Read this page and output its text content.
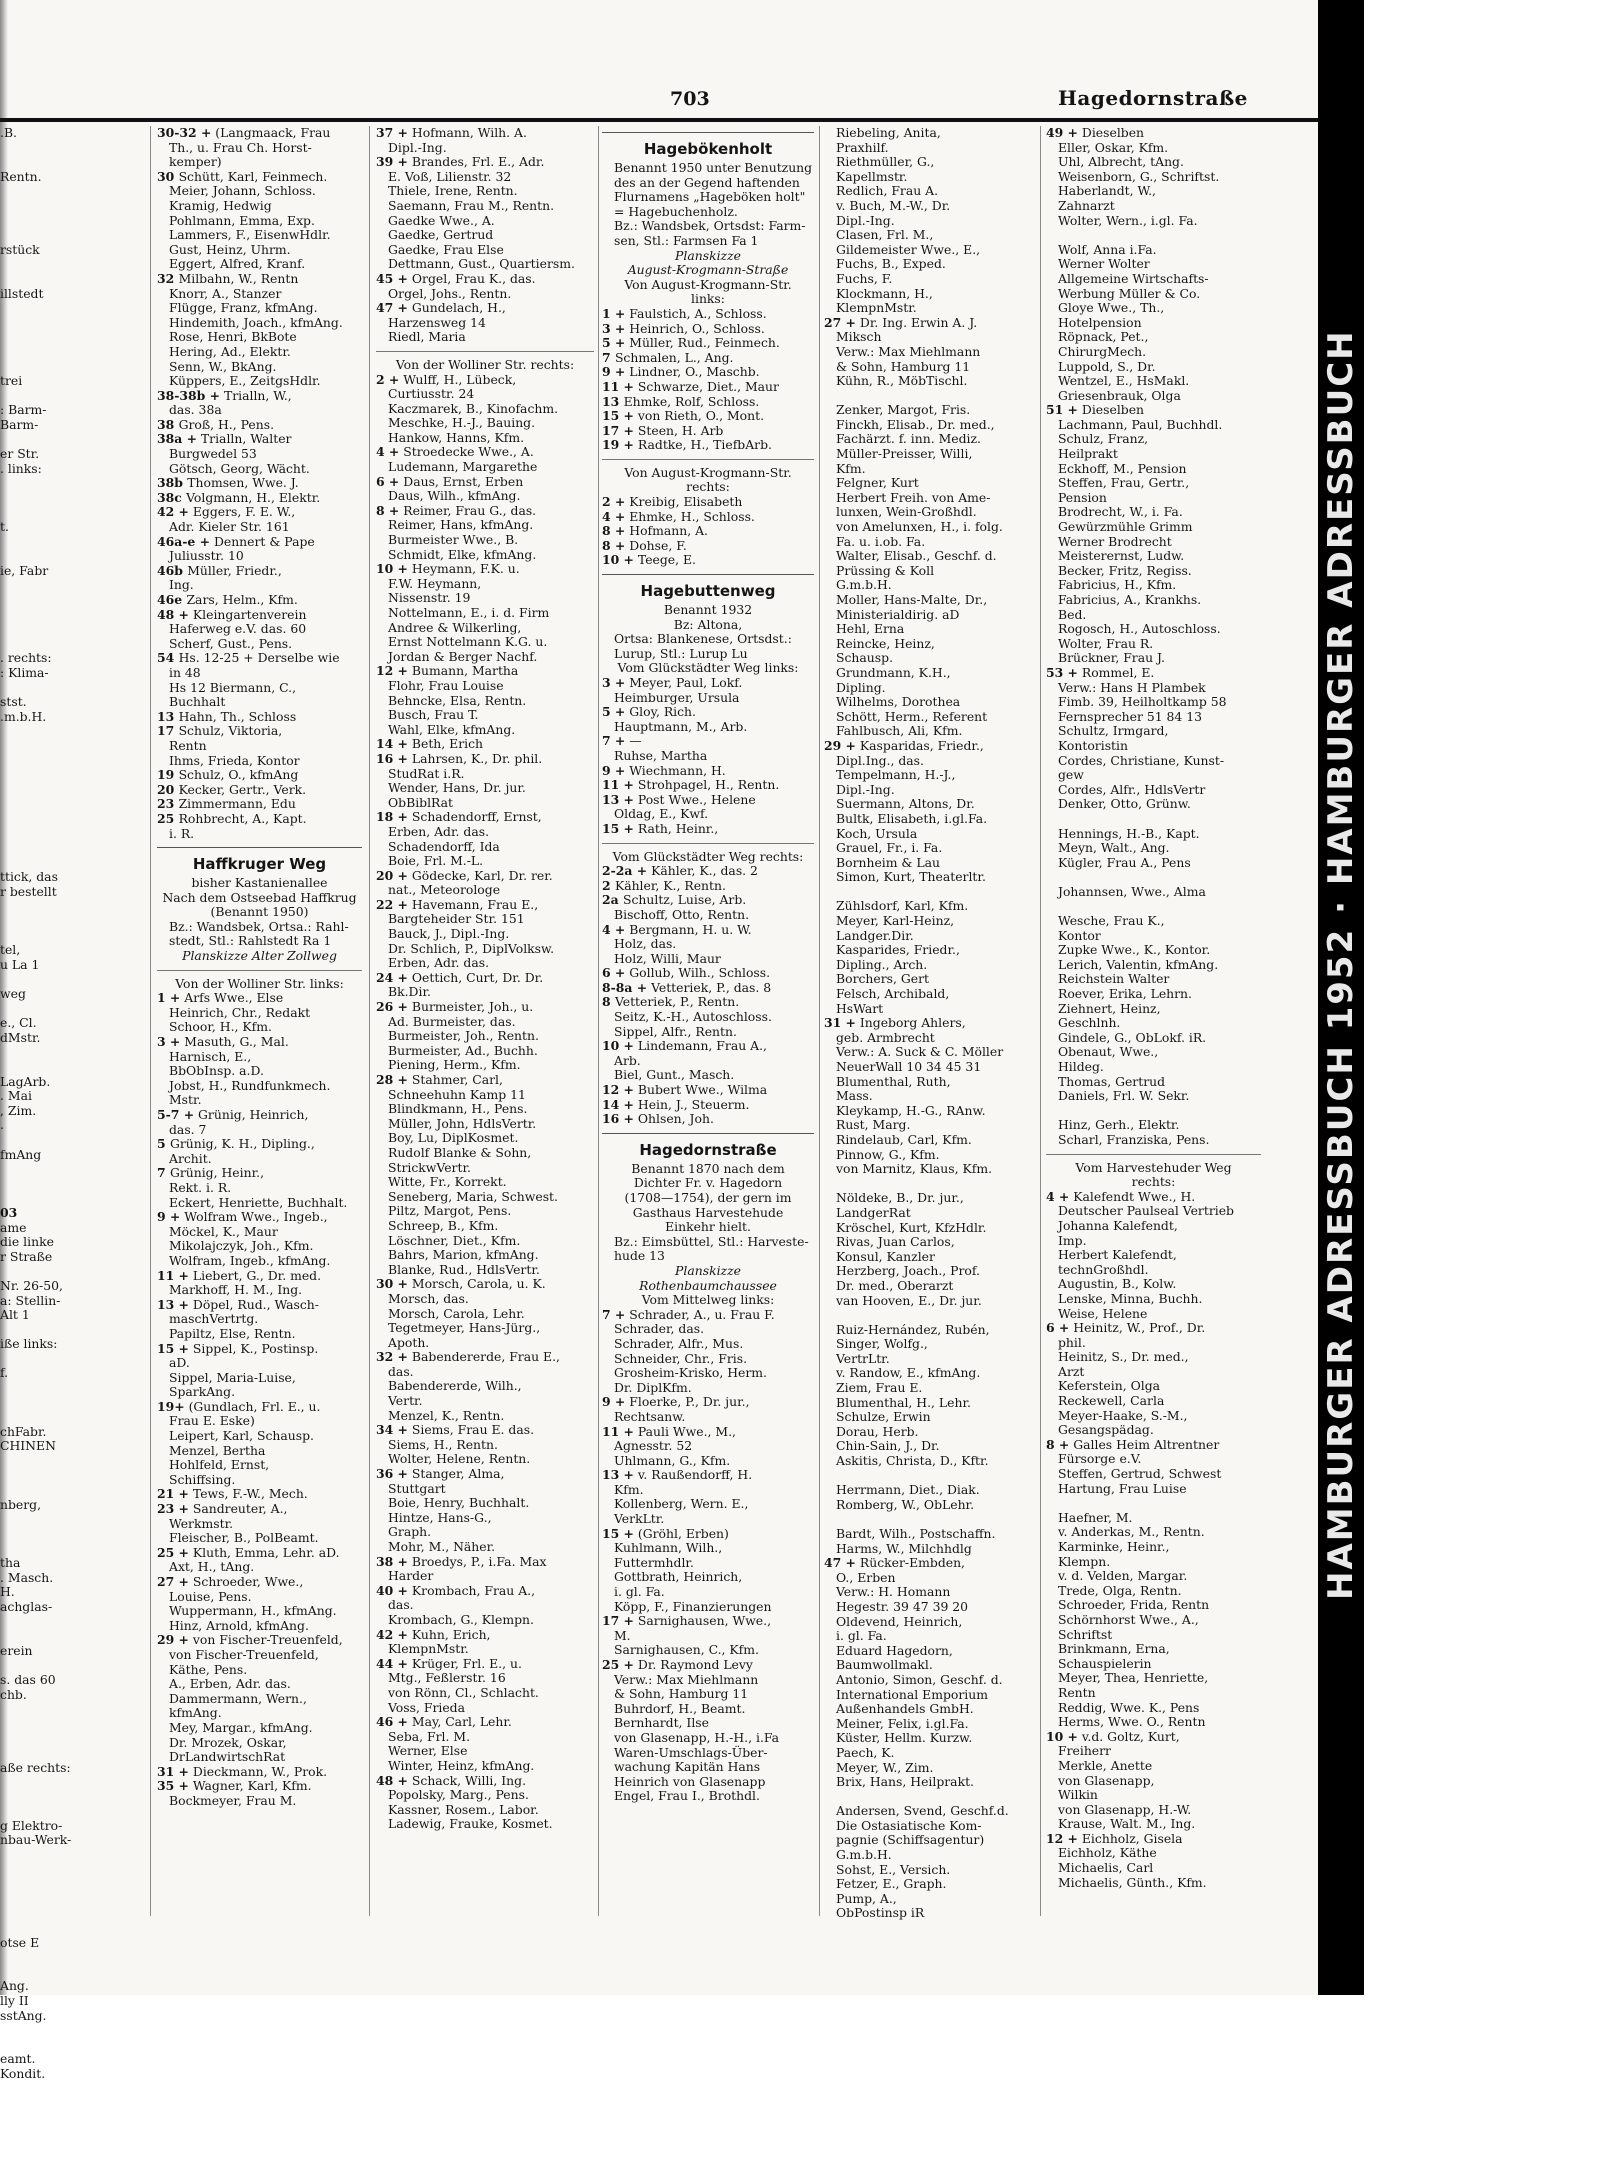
703	Hagedornstraße

.B.

Rentn.

rstück

illstedt

trei

: Barm-

Barm-

er Str.

. links:

t.

ie, Fabr

. rechts:

: Klima-

stst.

.m.b.H.

ttick, das

r bestellt

tel,

u La 1

weg

e., Cl.

dMstr.

LagArb.

. Mai

, Zim.

.

fmAng

03

ame

die linke

r Straße

Nr. 26-50,

a: Stellin-

Alt 1

iße links:

f.

chFabr.

CHINEN

nberg,

tha

. Masch.

H.

achglas-

erein

s. das 60

chb.

aße rechts:

g Elektro-

nbau-Werk-

otse E

Ang.

lly II

sstAng.

eamt.

Kondit.

30-32 + (Langmaack, Frau

Th., u. Frau Ch. Horst-

kemper)

30 Schütt, Karl, Feinmech.

Meier, Johann, Schloss.

Kramig, Hedwig

Pohlmann, Emma, Exp.

Lammers, F., EisenwHdlr.

Gust, Heinz, Uhrm.

Eggert, Alfred, Kranf.

32 Milbahn, W., Rentn

Knorr, A., Stanzer

Flügge, Franz, kfmAng.

Hindemith, Joach., kfmAng.

Rose, Henri, BkBote

Hering, Ad., Elektr.

Senn, W., BkAng.

Küppers, E., ZeitgsHdlr.

38-38b + Trialln, W.,

das. 38a

38 Groß, H., Pens.

38a + Trialln, Walter

Burgwedel 53

Götsch, Georg, Wächt.

38b Thomsen, Wwe. J.

38c Volgmann, H., Elektr.

42 + Eggers, F. E. W.,

Adr. Kieler Str. 161

46a-e + Dennert & Pape

Juliusstr. 10

46b Müller, Friedr.,

Ing.

46e Zars, Helm., Kfm.

48 + Kleingartenverein

Haferweg e.V. das. 60

Scherf, Gust., Pens.

54 Hs. 12-25 + Derselbe wie

in 48

Hs 12 Biermann, C.,

Buchhalt

13 Hahn, Th., Schloss

17 Schulz, Viktoria,

Rentn

Ihms, Frieda, Kontor

19 Schulz, O., kfmAng

20 Kecker, Gertr., Verk.

23 Zimmermann, Edu

25 Rohbrecht, A., Kapt.

i. R.

Haffkruger Weg

bisher Kastanienallee

Nach dem Ostseebad Haffkrug

(Benannt 1950)

Bz.: Wandsbek, Ortsa.: Rahl-

stedt, Stl.: Rahlstedt Ra 1

Planskizze Alter Zollweg

Von der Wolliner Str. links:

1 + Arfs Wwe., Else

Heinrich, Chr., Redakt

Schoor, H., Kfm.

3 + Masuth, G., Mal.

Harnisch, E.,

BbObInsp. a.D.

Jobst, H., Rundfunkmech.

Mstr.

5-7 + Grünig, Heinrich,

das. 7

5 Grünig, K. H., Dipling.,

Archit.

7 Grünig, Heinr.,

Rekt. i. R.

Eckert, Henriette, Buchhalt.

9 + Wolfram Wwe., Ingeb.,

Möckel, K., Maur

Mikolajczyk, Joh., Kfm.

Wolfram, Ingeb., kfmAng.

11 + Liebert, G., Dr. med.

Markhoff, H. M., Ing.

13 + Döpel, Rud., Wasch-

maschVertrtg.

Papiltz, Else, Rentn.

15 + Sippel, K., Postinsp.

aD.

Sippel, Maria-Luise,

SparkAng.

19+ (Gundlach, Frl. E., u.

Frau E. Eske)

Leipert, Karl, Schausp.

Menzel, Bertha

Hohlfeld, Ernst,

Schiffsing.

21 + Tews, F.-W., Mech.

23 + Sandreuter, A.,

Werkmstr.

Fleischer, B., PolBeamt.

25 + Kluth, Emma, Lehr. aD.

Axt, H., tAng.

27 + Schroeder, Wwe.,

Louise, Pens.

Wuppermann, H., kfmAng.

Hinz, Arnold, kfmAng.

29 + von Fischer-Treuenfeld,

von Fischer-Treuenfeld,

Käthe, Pens.

A., Erben, Adr. das.

Dammermann, Wern.,

kfmAng.

Mey, Margar., kfmAng.

Dr. Mrozek, Oskar,

DrLandwirtschRat

31 + Dieckmann, W., Prok.

35 + Wagner, Karl, Kfm.

Bockmeyer, Frau M.

37 + Hofmann, Wilh. A.

Dipl.-Ing.

39 + Brandes, Frl. E., Adr.

E. Voß, Lilienstr. 32

Thiele, Irene, Rentn.

Saemann, Frau M., Rentn.

Gaedke Wwe., A.

Gaedke, Gertrud

Gaedke, Frau Else

Dettmann, Gust., Quartiersm.

45 + Orgel, Frau K., das.

Orgel, Johs., Rentn.

47 + Gundelach, H.,

Harzensweg 14

Riedl, Maria

Von der Wolliner Str. rechts:

2 + Wulff, H., Lübeck,

Curtiusstr. 24

Kaczmarek, B., Kinofachm.

Meschke, H.-J., Bauing.

Hankow, Hanns, Kfm.

4 + Stroedecke Wwe., A.

Ludemann, Margarethe

6 + Daus, Ernst, Erben

Daus, Wilh., kfmAng.

8 + Reimer, Frau G., das.

Reimer, Hans, kfmAng.

Burmeister Wwe., B.

Schmidt, Elke, kfmAng.

10 + Heymann, F.K. u.

F.W. Heymann,

Nissenstr. 19

Nottelmann, E., i. d. Firm

Andree & Wilkerling,

Ernst Nottelmann K.G. u.

Jordan & Berger Nachf.

12 + Bumann, Martha

Flohr, Frau Louise

Behncke, Elsa, Rentn.

Busch, Frau T.

Wahl, Elke, kfmAng.

14 + Beth, Erich

16 + Lahrsen, K., Dr. phil.

StudRat i.R.

Wender, Hans, Dr. jur.

ObBiblRat

18 + Schadendorff, Ernst,

Erben, Adr. das.

Schadendorff, Ida

Boie, Frl. M.-L.

20 + Gödecke, Karl, Dr. rer.

nat., Meteorologe

22 + Havemann, Frau E.,

Bargteheider Str. 151

Bauck, J., Dipl.-Ing.

Dr. Schlich, P., DiplVolksw.

Erben, Adr. das.

24 + Oettich, Curt, Dr. Dr.

Bk.Dir.

26 + Burmeister, Joh., u.

Ad. Burmeister, das.

Burmeister, Joh., Rentn.

Burmeister, Ad., Buchh.

Piening, Herm., Kfm.

28 + Stahmer, Carl,

Schneehuhn Kamp 11

Blindkmann, H., Pens.

Müller, John, HdlsVertr.

Boy, Lu, DiplKosmet.

Rudolf Blanke & Sohn,

StrickwVertr.

Witte, Fr., Korrekt.

Seneberg, Maria, Schwest.

Piltz, Margot, Pens.

Schreep, B., Kfm.

Löschner, Diet., Kfm.

Bahrs, Marion, kfmAng.

Blanke, Rud., HdlsVertr.

30 + Morsch, Carola, u. K.

Morsch, das.

Morsch, Carola, Lehr.

Tegetmeyer, Hans-Jürg.,

Apoth.

32 + Babendererde, Frau E.,

das.

Babendererde, Wilh.,

Vertr.

Menzel, K., Rentn.

34 + Siems, Frau E. das.

Siems, H., Rentn.

Wolter, Helene, Rentn.

36 + Stanger, Alma,

Stuttgart

Boie, Henry, Buchhalt.

Hintze, Hans-G.,

Graph.

Mohr, M., Näher.

38 + Broedys, P., i.Fa. Max

Harder

40 + Krombach, Frau A.,

das.

Krombach, G., Klempn.

42 + Kuhn, Erich,

KlempnMstr.

44 + Krüger, Frl. E., u.

Mtg., Feßlerstr. 16

von Rönn, Cl., Schlacht.

Voss, Frieda

46 + May, Carl, Lehr.

Seba, Frl. M.

Werner, Else

Winter, Heinz, kfmAng.

48 + Schack, Willi, Ing.

Popolsky, Marg., Pens.

Kassner, Rosem., Labor.

Ladewig, Frauke, Kosmet.

Hagebökenholt

Benannt 1950 unter Benutzung

des an der Gegend haftenden

Flurnamens „Hageböken holt"

= Hagebuchenholz.

Bz.: Wandsbek, Ortsdst: Farm-

sen, Stl.: Farmsen Fa 1

Planskizze

August-Krogmann-Straße

Von August-Krogmann-Str.

links:

1 + Faulstich, A., Schloss.

3 + Heinrich, O., Schloss.

5 + Müller, Rud., Feinmech.

7 Schmalen, L., Ang.

9 + Lindner, O., Maschb.

11 + Schwarze, Diet., Maur

13 Ehmke, Rolf, Schloss.

15 + von Rieth, O., Mont.

17 + Steen, H. Arb

19 + Radtke, H., TiefbArb.

Von August-Krogmann-Str.

rechts:

2 + Kreibig, Elisabeth

4 + Ehmke, H., Schloss.

8 + Hofmann, A.

8 + Dohse, F.

10 + Teege, E.

Hagebuttenweg

Benannt 1932

Bz: Altona,

Ortsa: Blankenese, Ortsdst.:

Lurup, Stl.: Lurup Lu

Vom Glückstädter Weg links:

3 + Meyer, Paul, Lokf.

Heimburger, Ursula

5 + Gloy, Rich.

Hauptmann, M., Arb.

7 + —

Ruhse, Martha

9 + Wiechmann, H.

11 + Strohpagel, H., Rentn.

13 + Post Wwe., Helene

Oldag, E., Kwf.

15 + Rath, Heinr.,

Vom Glückstädter Weg rechts:

2-2a + Kähler, K., das. 2

2 Kähler, K., Rentn.

2a Schultz, Luise, Arb.

Bischoff, Otto, Rentn.

4 + Bergmann, H. u. W.

Holz, das.

Holz, Willi, Maur

6 + Gollub, Wilh., Schloss.

8-8a + Vetteriek, P., das. 8

8 Vetteriek, P., Rentn.

Seitz, K.-H., Autoschloss.

Sippel, Alfr., Rentn.

10 + Lindemann, Frau A.,

Arb.

Biel, Gunt., Masch.

12 + Bubert Wwe., Wilma

14 + Hein, J., Steuerm.

16 + Ohlsen, Joh.

Hagedornstraße

Benannt 1870 nach dem

Dichter Fr. v. Hagedorn

(1708—1754), der gern im

Gasthaus Harvestehude

Einkehr hielt.

Bz.: Eimsbüttel, Stl.: Harveste-

hude 13

Planskizze

Rothenbaumchaussee

Vom Mittelweg links:

7 + Schrader, A., u. Frau F.

Schrader, das.

Schrader, Alfr., Mus.

Schneider, Chr., Fris.

Grosheim-Krisko, Herm.

Dr. DiplKfm.

9 + Floerke, P., Dr. jur.,

Rechtsanw.

11 + Pauli Wwe., M.,

Agnesstr. 52

Uhlmann, G., Kfm.

13 + v. Raußendorff, H.

Kfm.

Kollenberg, Wern. E.,

VerkLtr.

15 + (Gröhl, Erben)

Kuhlmann, Wilh.,

Futtermhdlr.

Gottbrath, Heinrich,

i. gl. Fa.

Köpp, F., Finanzierungen

17 + Sarnighausen, Wwe.,

M.

Sarnighausen, C., Kfm.

25 + Dr. Raymond Levy

Verw.: Max Miehlmann

& Sohn, Hamburg 11

Buhrdorf, H., Beamt.

Bernhardt, Ilse

von Glasenapp, H.-H., i.Fa

Waren-Umschlags-Über-

wachung Kapitän Hans

Heinrich von Glasenapp

Engel, Frau I., Brothdl.

Riebeling, Anita,

Praxhilf.

Riethmüller, G.,

Kapellmstr.

Redlich, Frau A.

v. Buch, M.-W., Dr.

Dipl.-Ing.

Clasen, Frl. M.,

Gildemeister Wwe., E.,

Fuchs, B., Exped.

Fuchs, F.

Klockmann, H.,

KlempnMstr.

27 + Dr. Ing. Erwin A. J.

Miksch

Verw.: Max Miehlmann

& Sohn, Hamburg 11

Kühn, R., MöbTischl.

Zenker, Margot, Fris.

Finckh, Elisab., Dr. med.,

Fachärzt. f. inn. Mediz.

Müller-Preisser, Willi,

Kfm.

Felgner, Kurt

Herbert Freih. von Ame-

lunxen, Wein-Großhdl.

von Amelunxen, H., i. folg.

Fa. u. i.ob. Fa.

Walter, Elisab., Geschf. d.

Prüssing & Koll

G.m.b.H.

Moller, Hans-Malte, Dr.,

Ministerialdirig. aD

Hehl, Erna

Reincke, Heinz,

Schausp.

Grundmann, K.H.,

Dipling.

Wilhelms, Dorothea

Schött, Herm., Referent

Fahlbusch, Ali, Kfm.

29 + Kasparidas, Friedr.,

Dipl.Ing., das.

Tempelmann, H.-J.,

Dipl.-Ing.

Suermann, Altons, Dr.

Bultk, Elisabeth, i.gl.Fa.

Koch, Ursula

Grauel, Fr., i. Fa.

Bornheim & Lau

Simon, Kurt, Theaterltr.

Zühlsdorf, Karl, Kfm.

Meyer, Karl-Heinz,

Landger.Dir.

Kasparides, Friedr.,

Dipling., Arch.

Borchers, Gert

Felsch, Archibald,

HsWart

31 + Ingeborg Ahlers,

geb. Armbrecht

Verw.: A. Suck & C. Möller

NeuerWall 10 34 45 31

Blumenthal, Ruth,

Mass.

Kleykamp, H.-G., RAnw.

Rust, Marg.

Rindelaub, Carl, Kfm.

Pinnow, G., Kfm.

von Marnitz, Klaus, Kfm.

Nöldeke, B., Dr. jur.,

LandgerRat

Kröschel, Kurt, KfzHdlr.

Rivas, Juan Carlos,

Konsul, Kanzler

Herzberg, Joach., Prof.

Dr. med., Oberarzt

van Hooven, E., Dr. jur.

Ruiz-Hernández, Rubén,

Singer, Wolfg.,

VertrLtr.

v. Randow, E., kfmAng.

Ziem, Frau E.

Blumenthal, H., Lehr.

Schulze, Erwin

Dorau, Herb.

Chin-Sain, J., Dr.

Askitis, Christa, D., Kftr.

Herrmann, Diet., Diak.

Romberg, W., ObLehr.

Bardt, Wilh., Postschaffn.

Harms, W., Milchhdlg

47 + Rücker-Embden,

O., Erben

Verw.: H. Homann

Hegestr. 39 47 39 20

Oldevend, Heinrich,

i. gl. Fa.

Eduard Hagedorn,

Baumwollmakl.

Antonio, Simon, Geschf. d.

International Emporium

Außenhandels GmbH.

Meiner, Felix, i.gl.Fa.

Küster, Hellm. Kurzw.

Paech, K.

Meyer, W., Zim.

Brix, Hans, Heilprakt.

Andersen, Svend, Geschf.d.

Die Ostasiatische Kom-

pagnie (Schiffsagentur)

G.m.b.H.

Sohst, E., Versich.

Fetzer, E., Graph.

Pump, A.,

ObPostinsp iR

49 + Dieselben

Eller, Oskar, Kfm.

Uhl, Albrecht, tAng.

Weisenborn, G., Schriftst.

Haberlandt, W.,

Zahnarzt

Wolter, Wern., i.gl. Fa.

Wolf, Anna i.Fa.

Werner Wolter

Allgemeine Wirtschafts-

Werbung Müller & Co.

Gloye Wwe., Th.,

Hotelpension

Röpnack, Pet.,

ChirurgMech.

Luppold, S., Dr.

Wentzel, E., HsMakl.

Griesenbrauk, Olga

51 + Dieselben

Lachmann, Paul, Buchhdl.

Schulz, Franz,

Heilprakt

Eckhoff, M., Pension

Steffen, Frau, Gertr.,

Pension

Brodrecht, W., i. Fa.

Gewürzmühle Grimm

Werner Brodrecht

Meisterernst, Ludw.

Becker, Fritz, Regiss.

Fabricius, H., Kfm.

Fabricius, A., Krankhs.

Bed.

Rogosch, H., Autoschloss.

Wolter, Frau R.

Brückner, Frau J.

53 + Rommel, E.

Verw.: Hans H Plambek

Fimb. 39, Heilholtkamp 58

Fernsprecher 51 84 13

Schultz, Irmgard,

Kontoristin

Cordes, Christiane, Kunst-

gew

Cordes, Alfr., HdlsVertr

Denker, Otto, Grünw.

Hennings, H.-B., Kapt.

Meyn, Walt., Ang.

Kügler, Frau A., Pens

Johannsen, Wwe., Alma

Wesche, Frau K.,

Kontor

Zupke Wwe., K., Kontor.

Lerich, Valentin, kfmAng.

Reichstein Walter

Roever, Erika, Lehrn.

Ziehnert, Heinz,

Geschlnh.

Gindele, G., ObLokf. iR.

Obenaut, Wwe.,

Hildeg.

Thomas, Gertrud

Daniels, Frl. W. Sekr.

Hinz, Gerh., Elektr.

Scharl, Franziska, Pens.

Vom Harvestehuder Weg

rechts:

4 + Kalefendt Wwe., H.

Deutscher Paulseal Vertrieb

Johanna Kalefendt,

Imp.

Herbert Kalefendt,

technGroßhdl.

Augustin, B., Kolw.

Lenske, Minna, Buchh.

Weise, Helene

6 + Heinitz, W., Prof., Dr.

phil.

Heinitz, S., Dr. med.,

Arzt

Keferstein, Olga

Reckewell, Carla

Meyer-Haake, S.-M.,

Gesangspädag.

8 + Galles Heim Altrentner

Fürsorge e.V.

Steffen, Gertrud, Schwest

Hartung, Frau Luise

Haefner, M.

v. Anderkas, M., Rentn.

Karminke, Heinr.,

Klempn.

v. d. Velden, Margar.

Trede, Olga, Rentn.

Schroeder, Frida, Rentn

Schörnhorst Wwe., A.,

Schriftst

Brinkmann, Erna,

Schauspielerin

Meyer, Thea, Henriette,

Rentn

Reddig, Wwe. K., Pens

Herms, Wwe. O., Rentn

10 + v.d. Goltz, Kurt,

Freiherr

Merkle, Anette

von Glasenapp,

Wilkin

von Glasenapp, H.-W.

Krause, Walt. M., Ing.

12 + Eichholz, Gisela

Eichholz, Käthe

Michaelis, Carl

Michaelis, Günth., Kfm.

HAMBURGER ADRESSBUCH 1952 · HAMBURGER ADRESSBUCH
